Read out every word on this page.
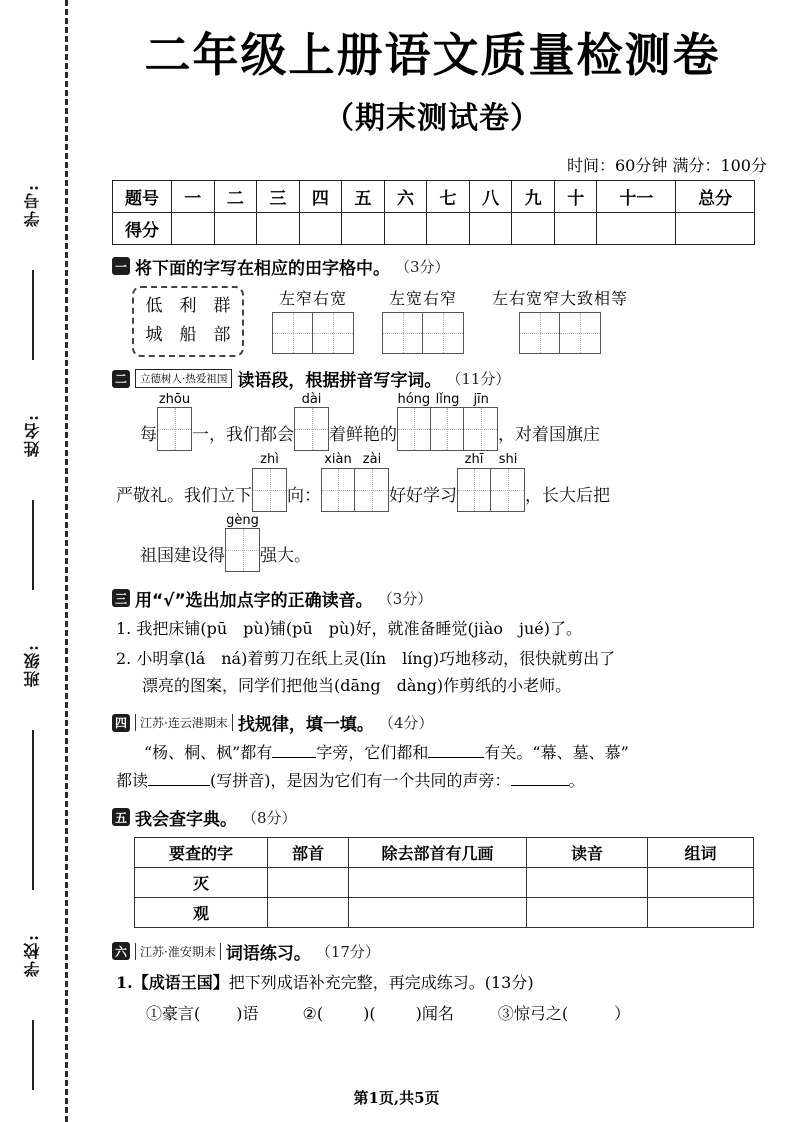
学号:
姓名:
班级:
学校:
二年级上册语文质量检测卷
（期末测试卷）
时间：60分钟 满分：100分
题号	一	二	三	四	五	六	七	八	九	十	十一	总分
得分												
一 将下面的字写在相应的田字格中。 （3分）
低 利 群
城 船 部
左窄右宽	左宽右窄 左右宽窄大致相等
二	立德树人·热爱祖国 读语段，根据拼音写字词。 （11分）
每
zhōu
一，我们都会
dài
着鲜艳的
hóng lǐng	jīn
，对着国旗庄
严敬礼。我们立下
zhì
向：
xiàn zài
好好学习
zhī	shi
，长大后把
祖国建设得
gèng
强大。
三 用“√”选出加点字的正确读音。 （3分）
1. 我把床铺(pū　pù)铺(pū　pù)好，就准备睡觉(jiào　jué)了。
2. 小明拿(lá　ná)着剪刀在纸上灵(lín　líng)巧地移动，很快就剪出了
漂亮的图案，同学们把他当(dāng　dàng)作剪纸的小老师。
四	江苏·连云港期末 找规律，填一填。 （4分）
“杨、桐、枫”都有	字旁，它们都和	有关。“幕、墓、慕”
都读	(写拼音)，是因为它们有一个共同的声旁：	。
五 我会查字典。 （8分）
要查的字	部首	除去部首有几画	读音	组词
灭				
观				
六	江苏·淮安期末 词语练习。 （17分）
1.【成语王国】把下列成语补充完整，再完成练习。(13分)
①豪言( )语	②(	)(	)闻名	③惊弓之(	）
第1页,共5页
